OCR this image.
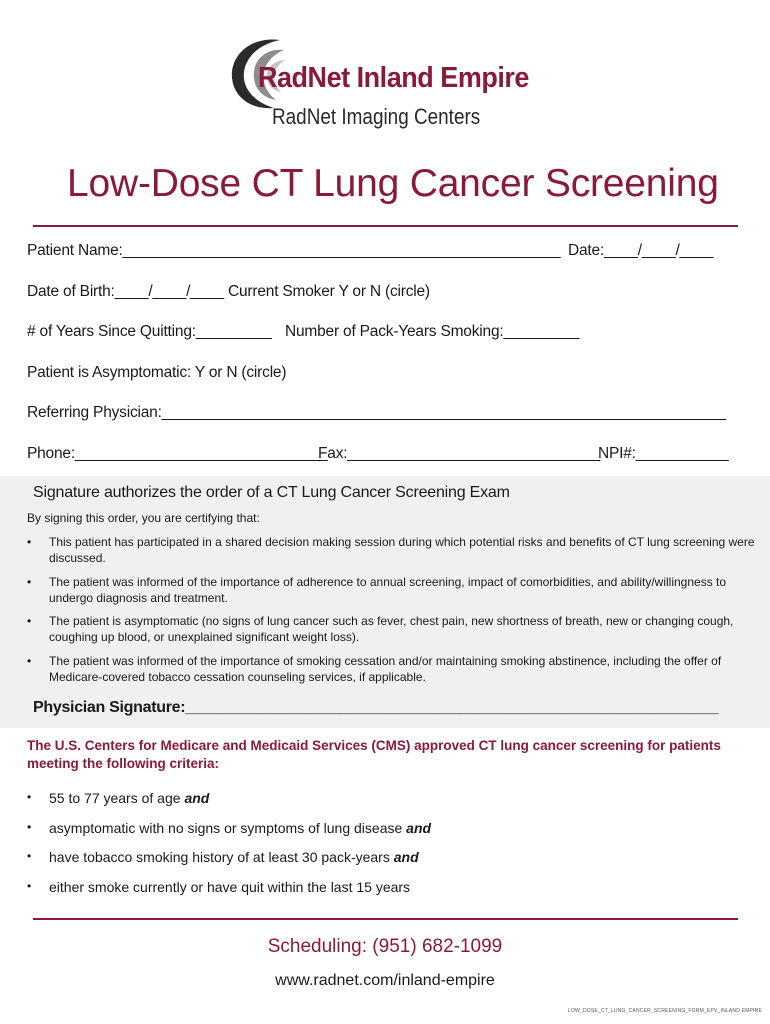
RadNet Inland Empire
RadNet Imaging Centers
Low-Dose CT Lung Cancer Screening
Patient Name:____________________________________________________ Date:____/____/____
Date of Birth:____/____/____ Current Smoker Y or N (circle)
# of Years Since Quitting:_________ Number of Pack-Years Smoking:_________
Patient is Asymptomatic: Y or N (circle)
Referring Physician:___________________________________________________________________
Phone:______________________________
Fax:______________________________
NPI#:___________
Signature authorizes the order of a CT Lung Cancer Screening Exam
By signing this order, you are certifying that:
• This patient has participated in a shared decision making session during which potential risks and benefits of CT lung screening were discussed.
• The patient was informed of the importance of adherence to annual screening, impact of comorbidities, and ability/willingness to undergo diagnosis and treatment.
• The patient is asymptomatic (no signs of lung cancer such as fever, chest pain, new shortness of breath, new or changing cough, coughing up blood, or unexplained significant weight loss).
• The patient was informed of the importance of smoking cessation and/or maintaining smoking abstinence, including the offer of Medicare-covered tobacco cessation counseling services, if applicable.
Physician Signature:______________________________________________________________
The U.S. Centers for Medicare and Medicaid Services (CMS) approved CT lung cancer screening for patients meeting the following criteria:
• 55 to 77 years of age and
• asymptomatic with no signs or symptoms of lung disease and
• have tobacco smoking history of at least 30 pack-years and
• either smoke currently or have quit within the last 15 years
Scheduling: (951) 682-1099
www.radnet.com/inland-empire
LOW_DOSE_CT_LUNG_CANCER_SCREENING_FORM_EPV_INLAND EMPIRE
